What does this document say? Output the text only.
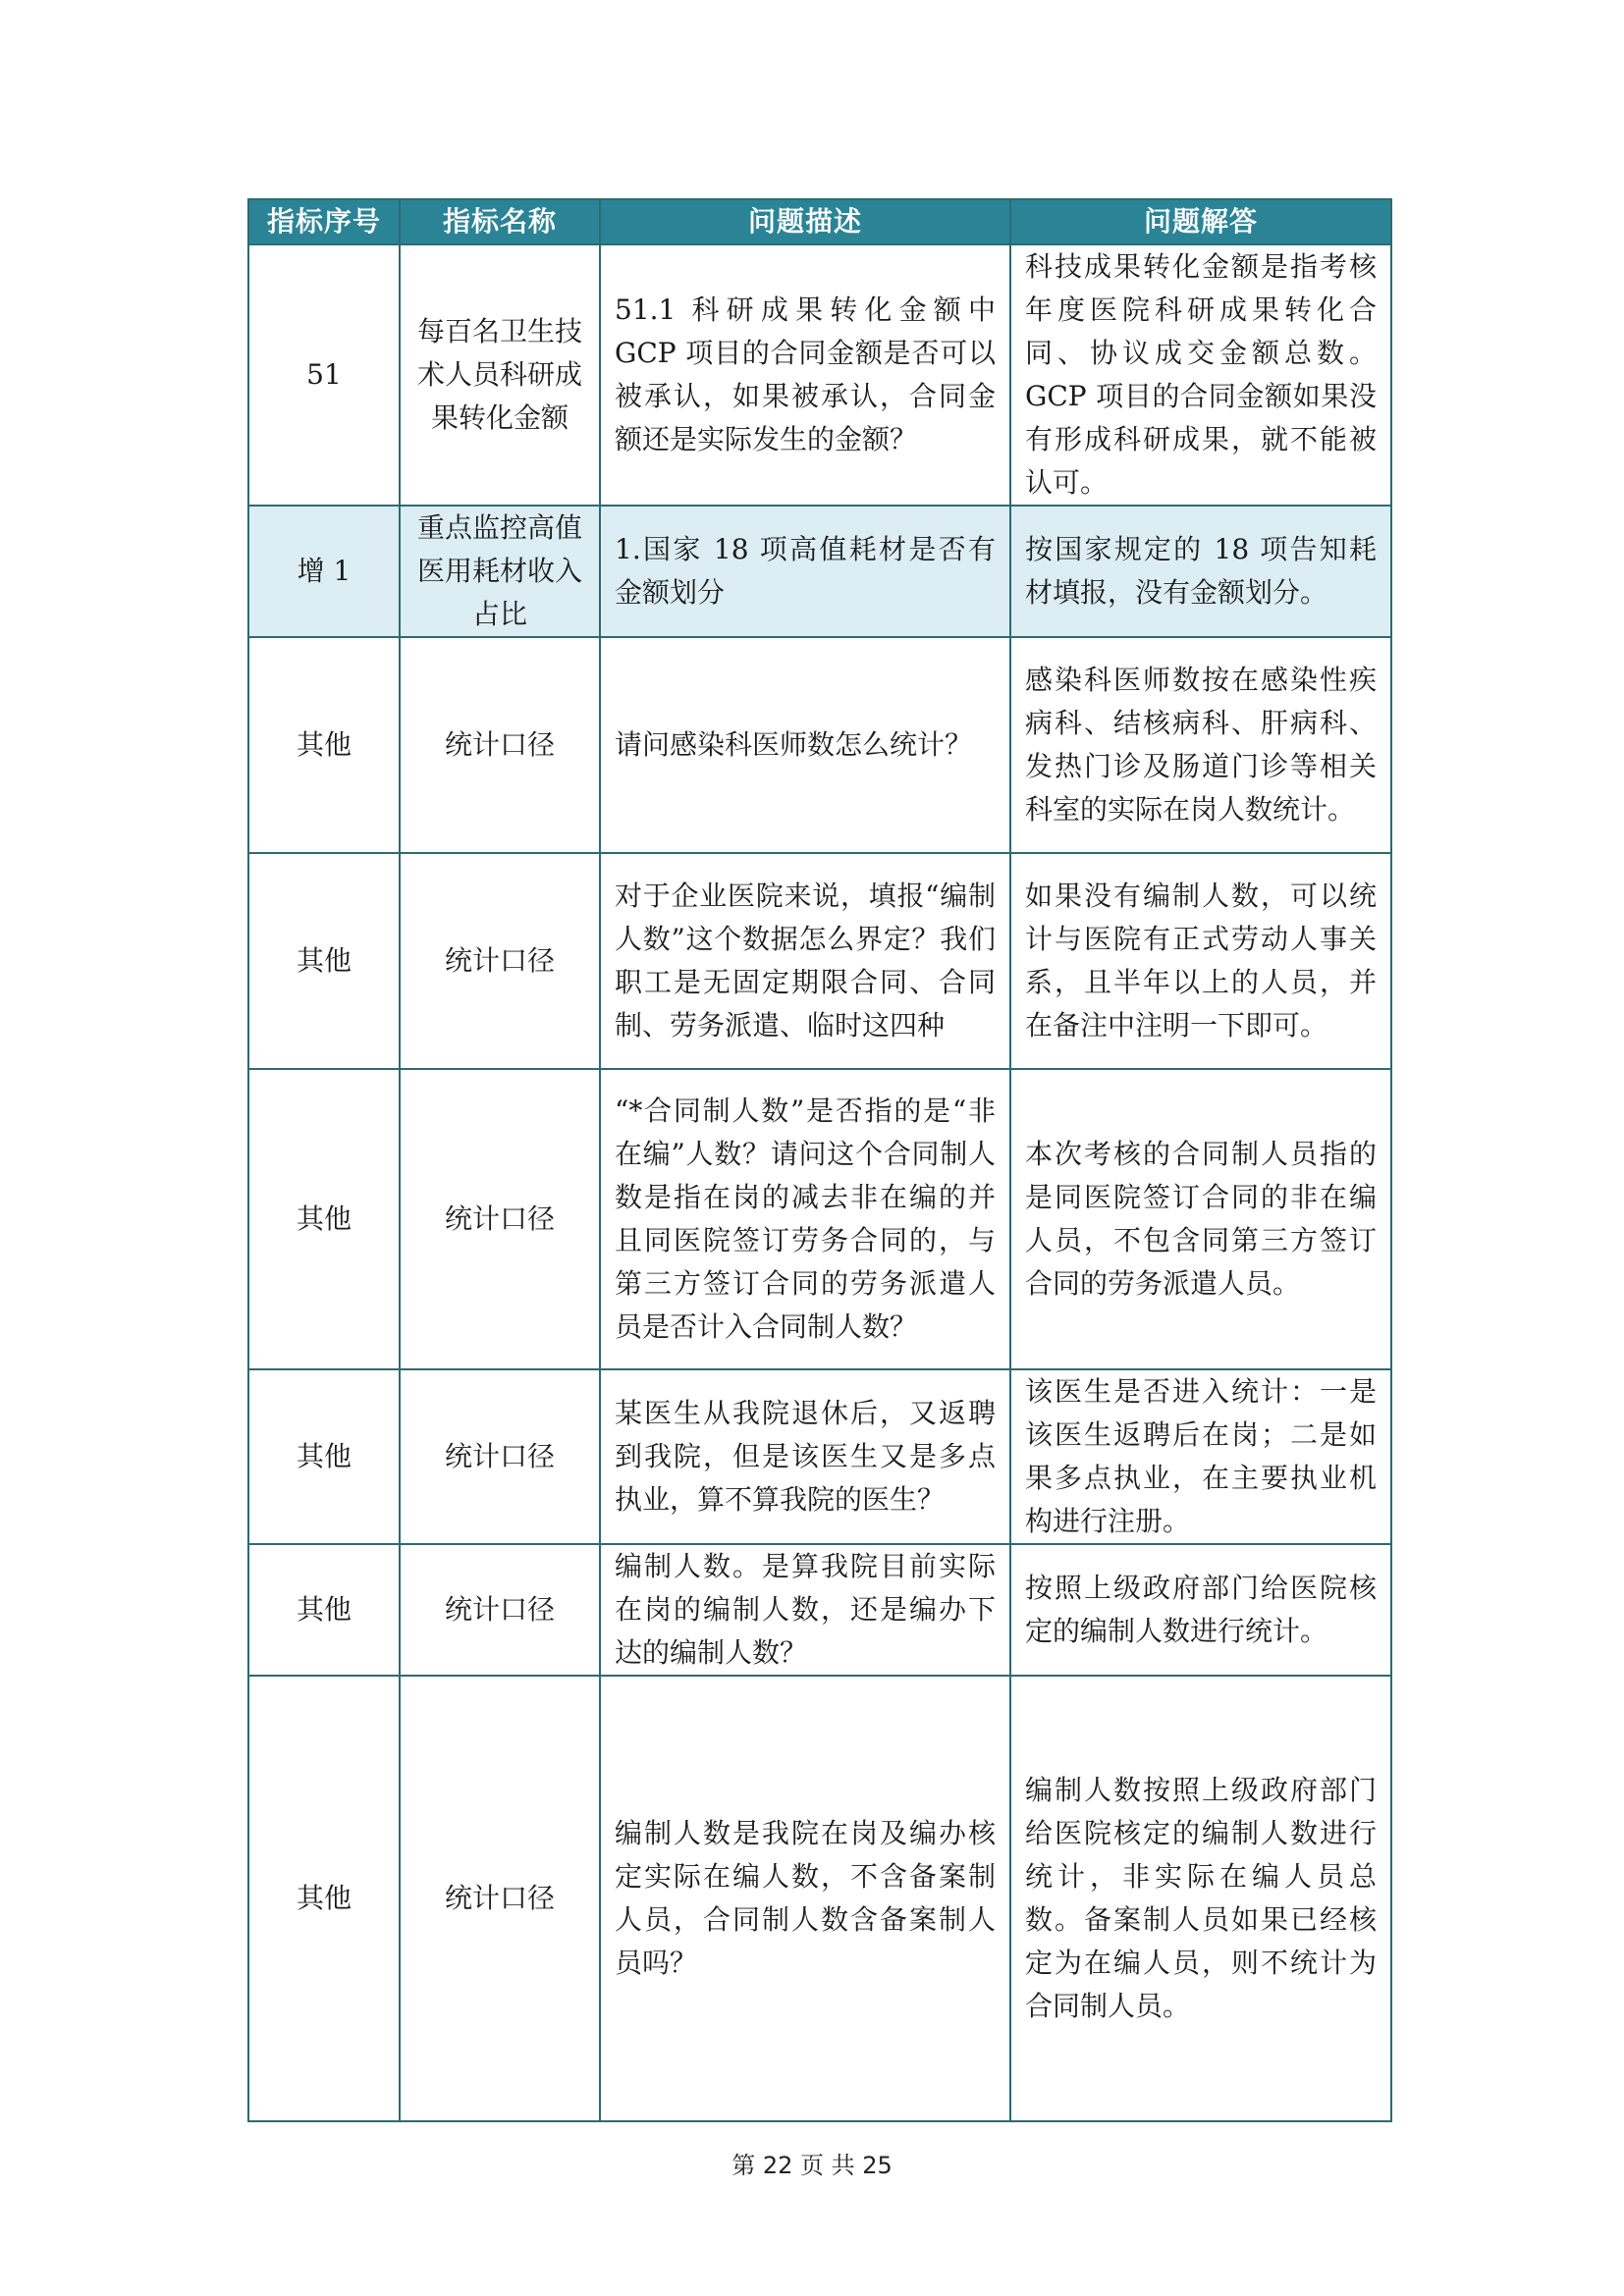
指标序号	指标名称	问题描述	问题解答
51	每百名卫生技术人员科研成果转化金额	51.1 科研成果转化金额中 GCP 项目的合同金额是否可以被承认，如果被承认，合同金额还是实际发生的金额？	科技成果转化金额是指考核年度医院科研成果转化合同、协议成交金额总数。GCP 项目的合同金额如果没有形成科研成果，就不能被认可。
增 1	重点监控高值医用耗材收入占比	1.国家 18 项高值耗材是否有金额划分	按国家规定的 18 项告知耗材填报，没有金额划分。
其他	统计口径	请问感染科医师数怎么统计？	感染科医师数按在感染性疾病科、结核病科、肝病科、发热门诊及肠道门诊等相关科室的实际在岗人数统计。
其他	统计口径	对于企业医院来说，填报“编制人数”这个数据怎么界定？我们职工是无固定期限合同、合同制、劳务派遣、临时这四种	如果没有编制人数，可以统计与医院有正式劳动人事关系，且半年以上的人员，并在备注中注明一下即可。
其他	统计口径	“*合同制人数”是否指的是“非在编”人数？请问这个合同制人数是指在岗的减去非在编的并且同医院签订劳务合同的，与第三方签订合同的劳务派遣人员是否计入合同制人数？	本次考核的合同制人员指的是同医院签订合同的非在编人员，不包含同第三方签订合同的劳务派遣人员。
其他	统计口径	某医生从我院退休后，又返聘到我院，但是该医生又是多点执业，算不算我院的医生？	该医生是否进入统计：一是该医生返聘后在岗；二是如果多点执业，在主要执业机构进行注册。
其他	统计口径	编制人数。是算我院目前实际在岗的编制人数，还是编办下达的编制人数？	按照上级政府部门给医院核定的编制人数进行统计。
其他	统计口径	编制人数是我院在岗及编办核定实际在编人数，不含备案制人员，合同制人数含备案制人员吗？	编制人数按照上级政府部门给医院核定的编制人数进行统计，非实际在编人员总数。备案制人员如果已经核定为在编人员，则不统计为合同制人员。
第 22 页 共 25
